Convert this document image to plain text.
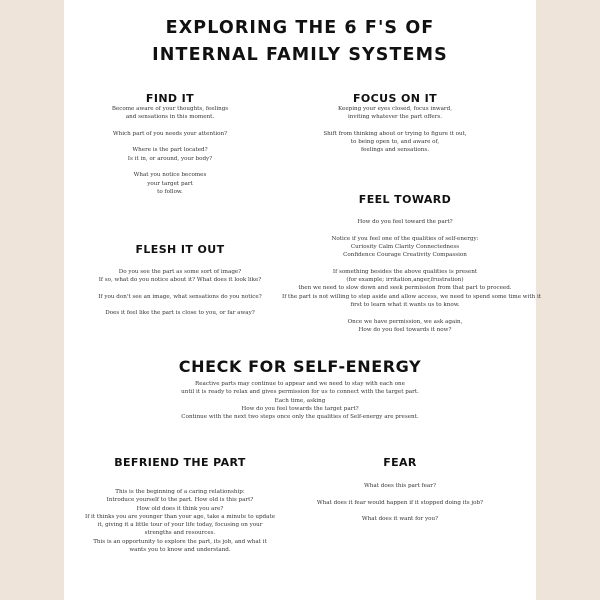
EXPLORING THE 6 F'S OF
INTERNAL FAMILY SYSTEMS
FIND IT
Become aware of your thoughts, feelings
and sensations in this moment.
Which part of you needs your attention?
Where is the part located?
Is it in, or around, your body?
What you notice becomes
your target part
to follow.
FOCUS ON IT
Keeping your eyes closed, focus inward,
inviting whatever the part offers.
Shift from thinking about or trying to figure it out,
to being open to, and aware of,
feelings and sensations.
FEEL TOWARD
How do you feel toward the part?
Notice if you feel one of the qualities of self-energy:
Curiosity Calm Clarity Connectedness
Confidence Courage Creativity Compassion
If something besides the above qualities is present
(for example; irritation,anger,frustration)
then we need to slow down and seek permission from that part to proceed.
If the part is not willing to step aside and allow access, we need to spend some time with it
first to learn what it wants us to know.
Once we have permission, we ask again,
How do you feel towards it now?
FLESH IT OUT
Do you see the part as some sort of image?
If so, what do you notice about it? What does it look like?
If you don't see an image, what sensations do you notice?
Does it feel like the part is close to you, or far away?
CHECK FOR SELF-ENERGY
Reactive parts may continue to appear and we need to stay with each one
until it is ready to relax and gives permission for us to connect with the target part.
Each time, asking
How do you feel towards the target part?
Continue with the next two steps once only the qualities of Self-energy are present.
BEFRIEND THE PART
This is the beginning of a caring relationship:
Introduce yourself to the part. How old is this part?
How old does it think you are?
If it thinks you are younger than your age, take a minute to update
it, giving it a little tour of your life today, focusing on your
strengths and resources.
This is an opportunity to explore the part, its job, and what it
wants you to know and understand.
FEAR
What does this part fear?
What does it fear would happen if it stopped doing its job?
What does it want for you?
